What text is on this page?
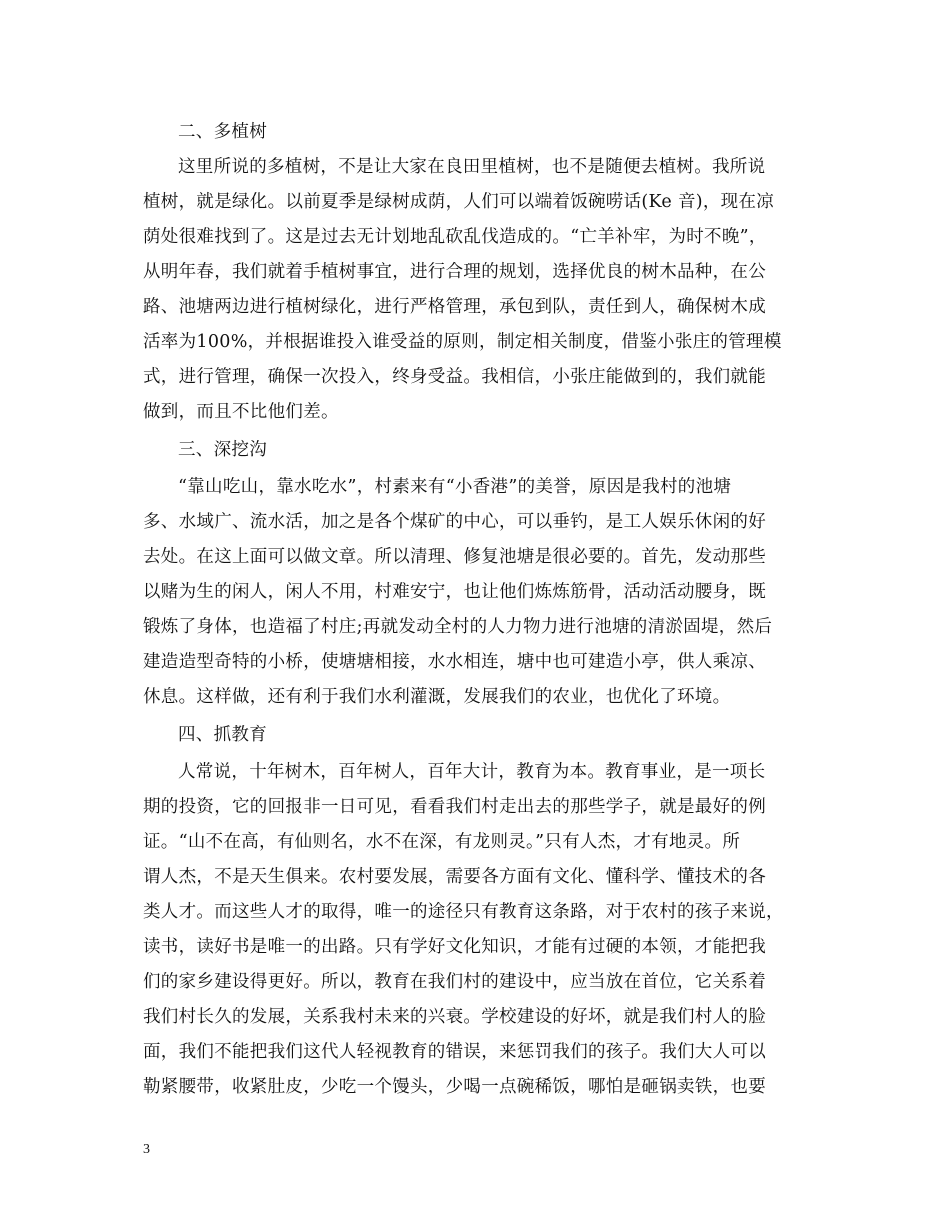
二、多植树
这里所说的多植树，不是让大家在良田里植树，也不是随便去植树。我所说
植树，就是绿化。以前夏季是绿树成荫，人们可以端着饭碗唠话(Ke 音)，现在凉
荫处很难找到了。这是过去无计划地乱砍乱伐造成的。“亡羊补牢，为时不晚”，
从明年春，我们就着手植树事宜，进行合理的规划，选择优良的树木品种，在公
路、池塘两边进行植树绿化，进行严格管理，承包到队，责任到人，确保树木成
活率为100%，并根据谁投入谁受益的原则，制定相关制度，借鉴小张庄的管理模
式，进行管理，确保一次投入，终身受益。我相信，小张庄能做到的，我们就能
做到，而且不比他们差。
三、深挖沟
“靠山吃山，靠水吃水”，村素来有“小香港”的美誉，原因是我村的池塘
多、水域广、流水活，加之是各个煤矿的中心，可以垂钓，是工人娱乐休闲的好
去处。在这上面可以做文章。所以清理、修复池塘是很必要的。首先，发动那些
以赌为生的闲人，闲人不用，村难安宁，也让他们炼炼筋骨，活动活动腰身，既
锻炼了身体，也造福了村庄;再就发动全村的人力物力进行池塘的清淤固堤，然后
建造造型奇特的小桥，使塘塘相接，水水相连，塘中也可建造小亭，供人乘凉、
休息。这样做，还有利于我们水利灌溉，发展我们的农业，也优化了环境。
四、抓教育
人常说，十年树木，百年树人，百年大计，教育为本。教育事业，是一项长
期的投资，它的回报非一日可见，看看我们村走出去的那些学子，就是最好的例
证。“山不在高，有仙则名，水不在深，有龙则灵。”只有人杰，才有地灵。所
谓人杰，不是天生俱来。农村要发展，需要各方面有文化、懂科学、懂技术的各
类人才。而这些人才的取得，唯一的途径只有教育这条路，对于农村的孩子来说，
读书，读好书是唯一的出路。只有学好文化知识，才能有过硬的本领，才能把我
们的家乡建设得更好。所以，教育在我们村的建设中，应当放在首位，它关系着
我们村长久的发展，关系我村未来的兴衰。学校建设的好坏，就是我们村人的脸
面，我们不能把我们这代人轻视教育的错误，来惩罚我们的孩子。我们大人可以
勒紧腰带，收紧肚皮，少吃一个馒头，少喝一点碗稀饭，哪怕是砸锅卖铁，也要
3
